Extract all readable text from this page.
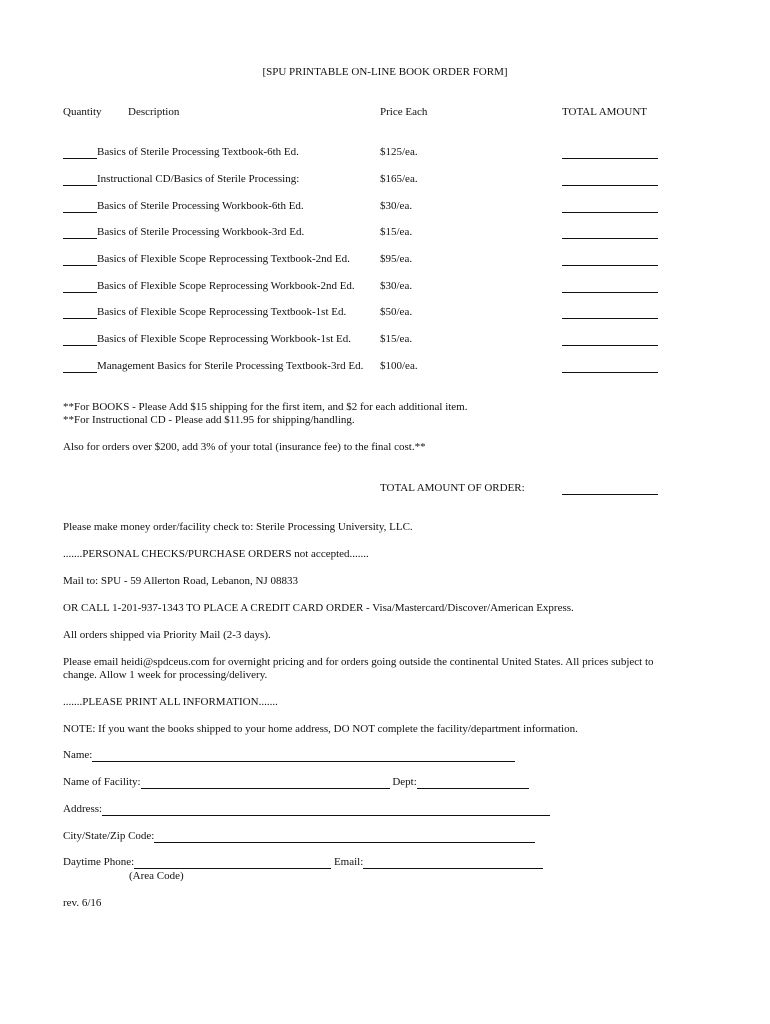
[SPU PRINTABLE ON-LINE BOOK ORDER FORM]
Quantity Description	Price Each	TOTAL AMOUNT
Basics of Sterile Processing Textbook-6th Ed.	$125/ea.
Instructional CD/Basics of Sterile Processing:	$165/ea.
Basics of Sterile Processing Workbook-6th Ed.	$30/ea.
Basics of Sterile Processing Workbook-3rd Ed.	$15/ea.
Basics of Flexible Scope Reprocessing Textbook-2nd Ed.	$95/ea.
Basics of Flexible Scope Reprocessing Workbook-2nd Ed. $30/ea.
Basics of Flexible Scope Reprocessing Textbook-1st Ed.	$50/ea.
Basics of Flexible Scope Reprocessing Workbook-1st Ed.	$15/ea.
Management Basics for Sterile Processing Textbook-3rd Ed. $100/ea.
**For BOOKS - Please Add $15 shipping for the first item, and $2 for each additional item.
**For Instructional CD - Please add $11.95 for shipping/handling.
Also for orders over $200, add 3% of your total (insurance fee) to the final cost.**
TOTAL AMOUNT OF ORDER:
Please make money order/facility check to: Sterile Processing University, LLC.
.......PERSONAL CHECKS/PURCHASE ORDERS not accepted.......
Mail to: SPU - 59 Allerton Road, Lebanon, NJ 08833
OR CALL 1-201-937-1343 TO PLACE A CREDIT CARD ORDER - Visa/Mastercard/Discover/American Express.
All orders shipped via Priority Mail (2-3 days).
Please email heidi@spdceus.com for overnight pricing and for orders going outside the continental United States. All prices subject to
change. Allow 1 week for processing/delivery.
.......PLEASE PRINT ALL INFORMATION.......
NOTE: If you want the books shipped to your home address, DO NOT complete the facility/department information.
Name:
Name of Facility:	Dept:
Address:
City/State/Zip Code:
Daytime Phone:	Email:
(Area Code)
rev. 6/16
